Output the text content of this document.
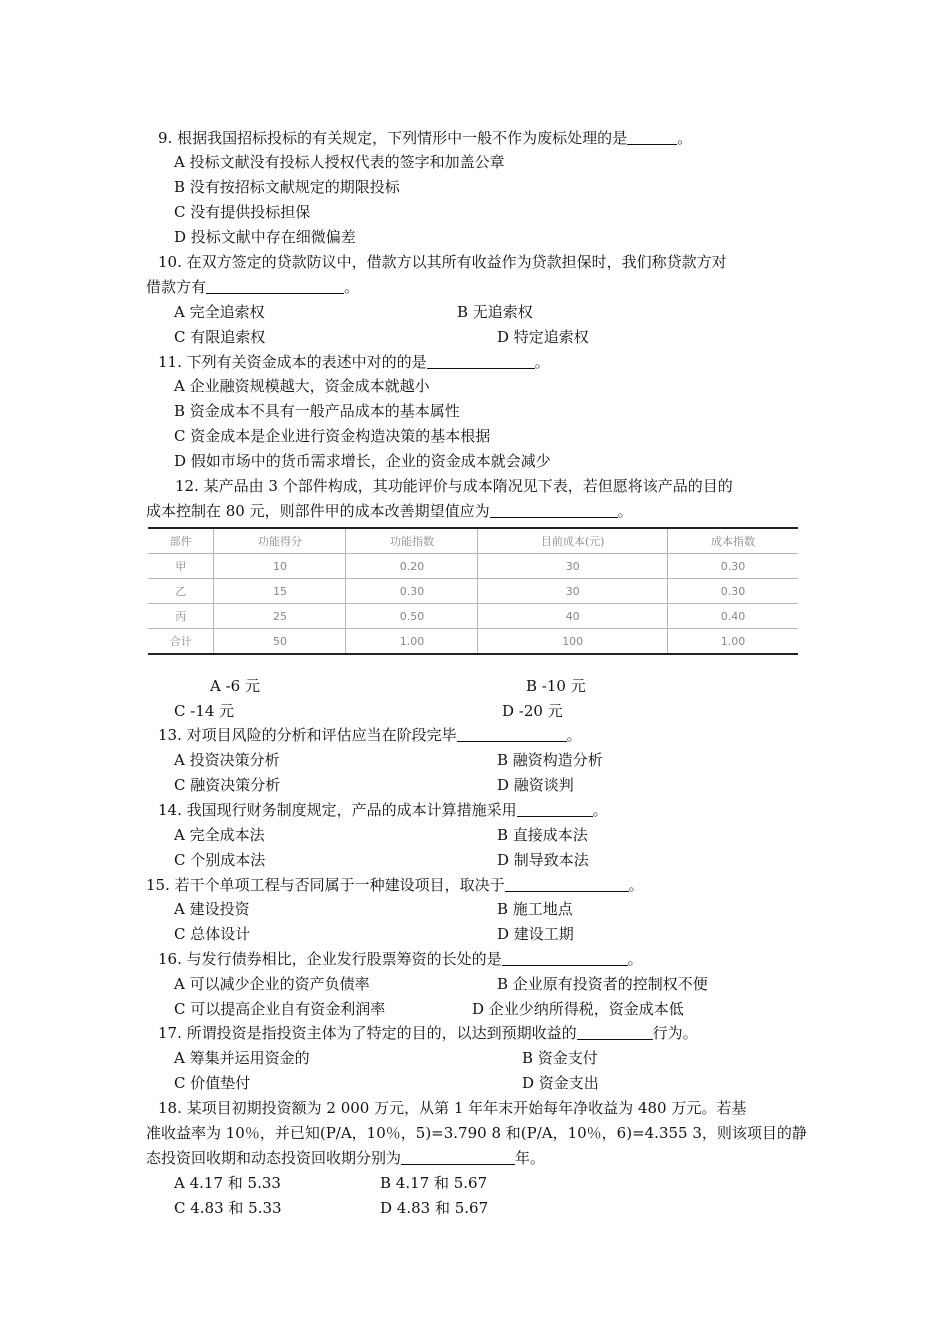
9. 根据我国招标投标的有关规定，下列情形中一般不作为废标处理的是	。
A 投标文献没有投标人授权代表的签字和加盖公章
B 没有按招标文献规定的期限投标
C 没有提供投标担保
D 投标文献中存在细微偏差
10. 在双方签定的贷款防议中，借款方以其所有收益作为贷款担保时，我们称贷款方对
借款方有	。
A 完全追索权	B 无追索权
C 有限追索权	D 特定追索权
11. 下列有关资金成本的表述中对的的是	。
A 企业融资规模越大，资金成本就越小
B 资金成本不具有一般产品成本的基本属性
C 资金成本是企业进行资金构造决策的基本根据
D 假如市场中的货币需求增长，企业的资金成本就会减少
12. 某产品由 3 个部件构成，其功能评价与成本隋况见下表，若但愿将该产品的目的
成本控制在 80 元，则部件甲的成本改善期望值应为	。
部件	功能得分	功能指数	目前成本(元)	成本指数
甲	10	0.20	30	0.30
乙	15	0.30	30	0.30
丙	25	0.50	40	0.40
合计	50	1.00	100	1.00
A -6 元	B -10 元
C -14 元	D -20 元
13. 对项目风险的分析和评估应当在阶段完毕	。
A 投资决策分析	B 融资构造分析
C 融资决策分析	D 融资谈判
14. 我国现行财务制度规定，产品的成本计算措施采用	。
A 完全成本法	B 直接成本法
C 个别成本法	D 制导致本法
15. 若干个单项工程与否同属于一种建设项目，取决于	。
A 建设投资	B 施工地点
C 总体设计	D 建设工期
16. 与发行债券相比，企业发行股票筹资的长处的是	。
A 可以减少企业的资产负债率	B 企业原有投资者的控制权不便
C 可以提高企业自有资金利润率	D 企业少纳所得税，资金成本低
17. 所谓投资是指投资主体为了特定的目的，以达到预期收益的	行为。
A 筹集并运用资金的	B 资金支付
C 价值垫付	D 资金支出
18. 某项目初期投资额为 2 000 万元，从第 1 年年末开始每年净收益为 480 万元。若基
准收益率为 10％，并已知(P/A，10％，5)=3.790 8 和(P/A，10％，6)=4.355 3，则该项目的静
态投资回收期和动态投资回收期分别为	年。
A 4.17 和 5.33	B 4.17 和 5.67
C 4.83 和 5.33	D 4.83 和 5.67
